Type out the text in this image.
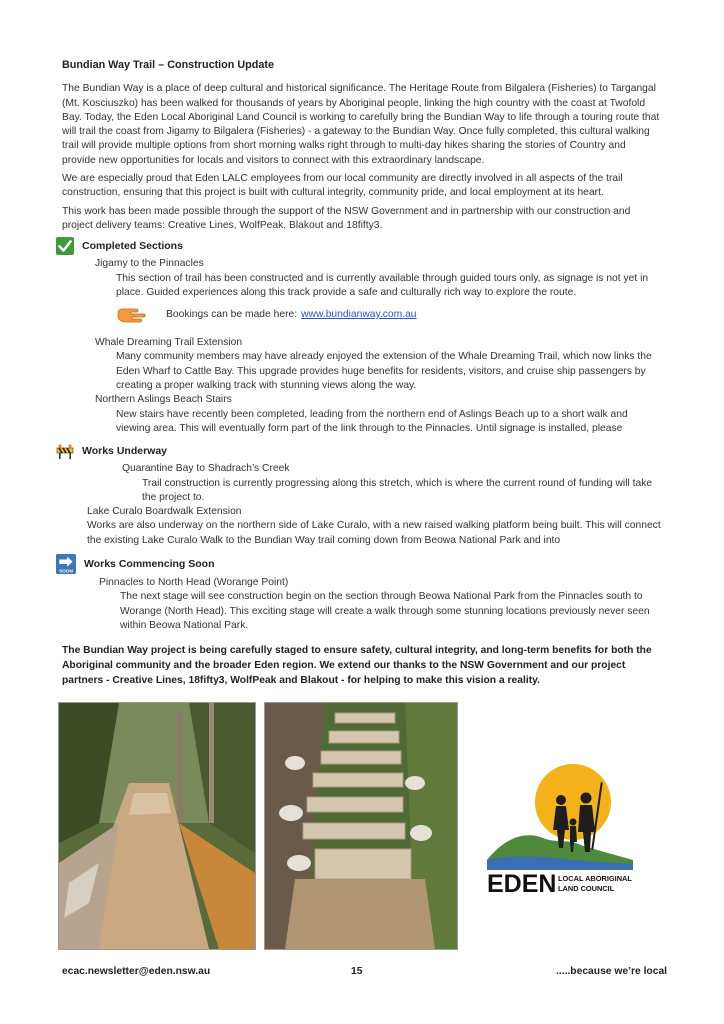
Bundian Way Trail – Construction Update

The Bundian Way is a place of deep cultural and historical significance. The Heritage Route from Bilgalera (Fisheries) to Targangal (Mt. Kosciuszko) has been walked for thousands of years by Aboriginal people, linking the high country with the coast at Twofold Bay. Today, the Eden Local Aboriginal Land Council is working to carefully bring the Bundian Way to life through a touring route that will trail the coast from Jigamy to Bilgalera (Fisheries) - a gateway to the Bundian Way. Once fully completed, this cultural walking trail will provide multiple options from short morning walks right through to multi-day hikes sharing the stories of Country and provide new opportunities for locals and visitors to connect with this extraordinary landscape.

We are especially proud that Eden LALC employees from our local community are directly involved in all aspects of the trail construction, ensuring that this project is built with cultural integrity, community pride, and local employment at its heart.

This work has been made possible through the support of the NSW Government and in partnership with our construction and project delivery teams: Creative Lines, WolfPeak, Blakout and 18fifty3.

Completed Sections
Jigamy to the Pinnacles
This section of trail has been constructed and is currently available through guided tours only, as signage is not yet in place. Guided experiences along this track provide a safe and culturally rich way to explore the route.
Bookings can be made here: www.bundianway.com.au
Whale Dreaming Trail Extension
Many community members may have already enjoyed the extension of the Whale Dreaming Trail, which now links the Eden Wharf to Cattle Bay. This upgrade provides huge benefits for residents, visitors, and cruise ship passengers by creating a proper walking track with stunning views along the way.
Northern Aslings Beach Stairs
New stairs have recently been completed, leading from the northern end of Aslings Beach up to a short walk and viewing area. This will eventually form part of the link through to the Pinnacles. Until signage is installed, please
Works Underway
Quarantine Bay to Shadrach’s Creek
Trail construction is currently progressing along this stretch, which is where the current round of funding will take the project to.
Lake Curalo Boardwalk Extension
Works are also underway on the northern side of Lake Curalo, with a new raised walking platform being built. This will connect the existing Lake Curalo Walk to the Bundian Way trail coming down from Beowa National Park and into
SOON
Works Commencing Soon
Pinnacles to North Head (Worange Point)
The next stage will see construction begin on the section through Beowa National Park from the Pinnacles south to Worange (North Head). This exciting stage will create a walk through some stunning locations previously never seen within Beowa National Park.

The Bundian Way project is being carefully staged to ensure safety, cultural integrity, and long-term benefits for both the Aboriginal community and the broader Eden region. We extend our thanks to the NSW Government and our project partners - Creative Lines, 18fifty3, WolfPeak and Blakout - for helping to make this vision a reality.

EDEN LOCAL ABORIGINAL
LAND COUNCIL
ecac.newsletter@eden.nsw.au	15	.....because we’re local
